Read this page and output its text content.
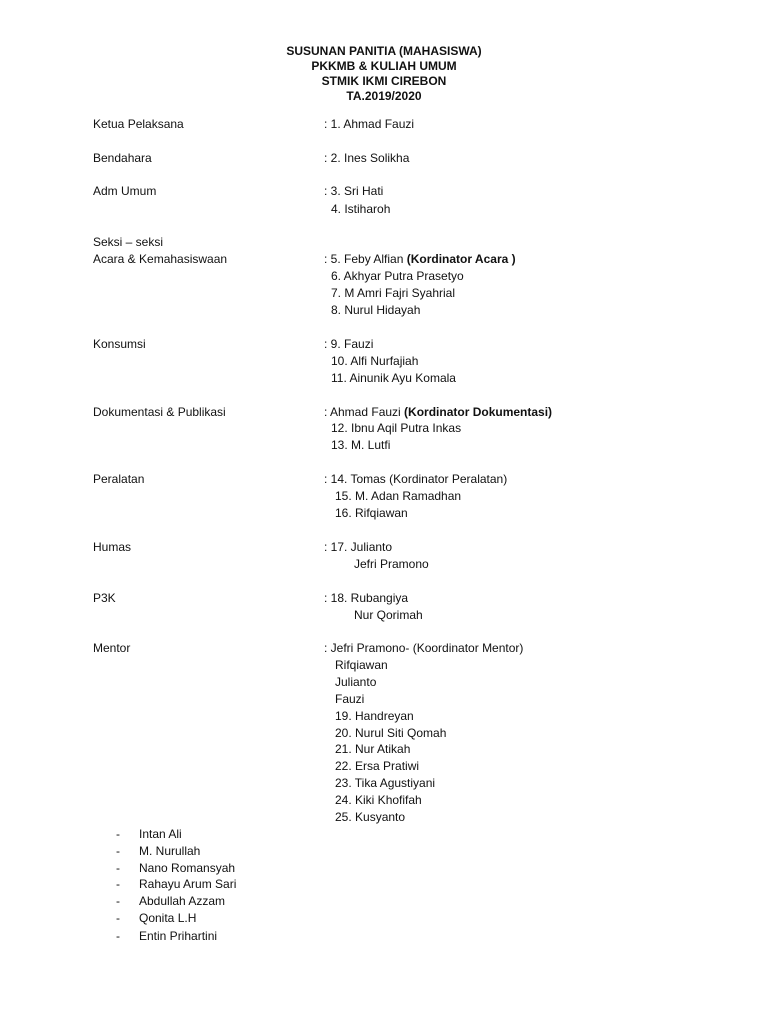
SUSUNAN PANITIA (MAHASISWA)
PKKMB & KULIAH UMUM
STMIK IKMI CIREBON
TA.2019/2020
Ketua Pelaksana	: 1. Ahmad Fauzi
Bendahara	: 2. Ines Solikha
Adm Umum	: 3. Sri Hati
4. Istiharoh
Seksi – seksi
Acara & Kemahasiswaan	: 5. Feby Alfian (Kordinator Acara )
6. Akhyar Putra Prasetyo
7. M Amri Fajri Syahrial
8. Nurul Hidayah
Konsumsi	: 9. Fauzi
10. Alfi Nurfajiah
11. Ainunik Ayu Komala
Dokumentasi & Publikasi	: Ahmad Fauzi (Kordinator Dokumentasi)
12. Ibnu Aqil Putra Inkas
13. M. Lutfi
Peralatan	: 14. Tomas (Kordinator Peralatan)
15. M. Adan Ramadhan
16. Rifqiawan
Humas	: 17. Julianto
Jefri Pramono
P3K	: 18. Rubangiya
Nur Qorimah
Mentor	: Jefri Pramono- (Koordinator Mentor)
Rifqiawan
Julianto
Fauzi
19. Handreyan
20. Nurul Siti Qomah
21. Nur Atikah
22. Ersa Pratiwi
23. Tika Agustiyani
24. Kiki Khofifah
25. Kusyanto
- Intan Ali
- M. Nurullah
- Nano Romansyah
- Rahayu Arum Sari
- Abdullah Azzam
- Qonita L.H
- Entin Prihartini
